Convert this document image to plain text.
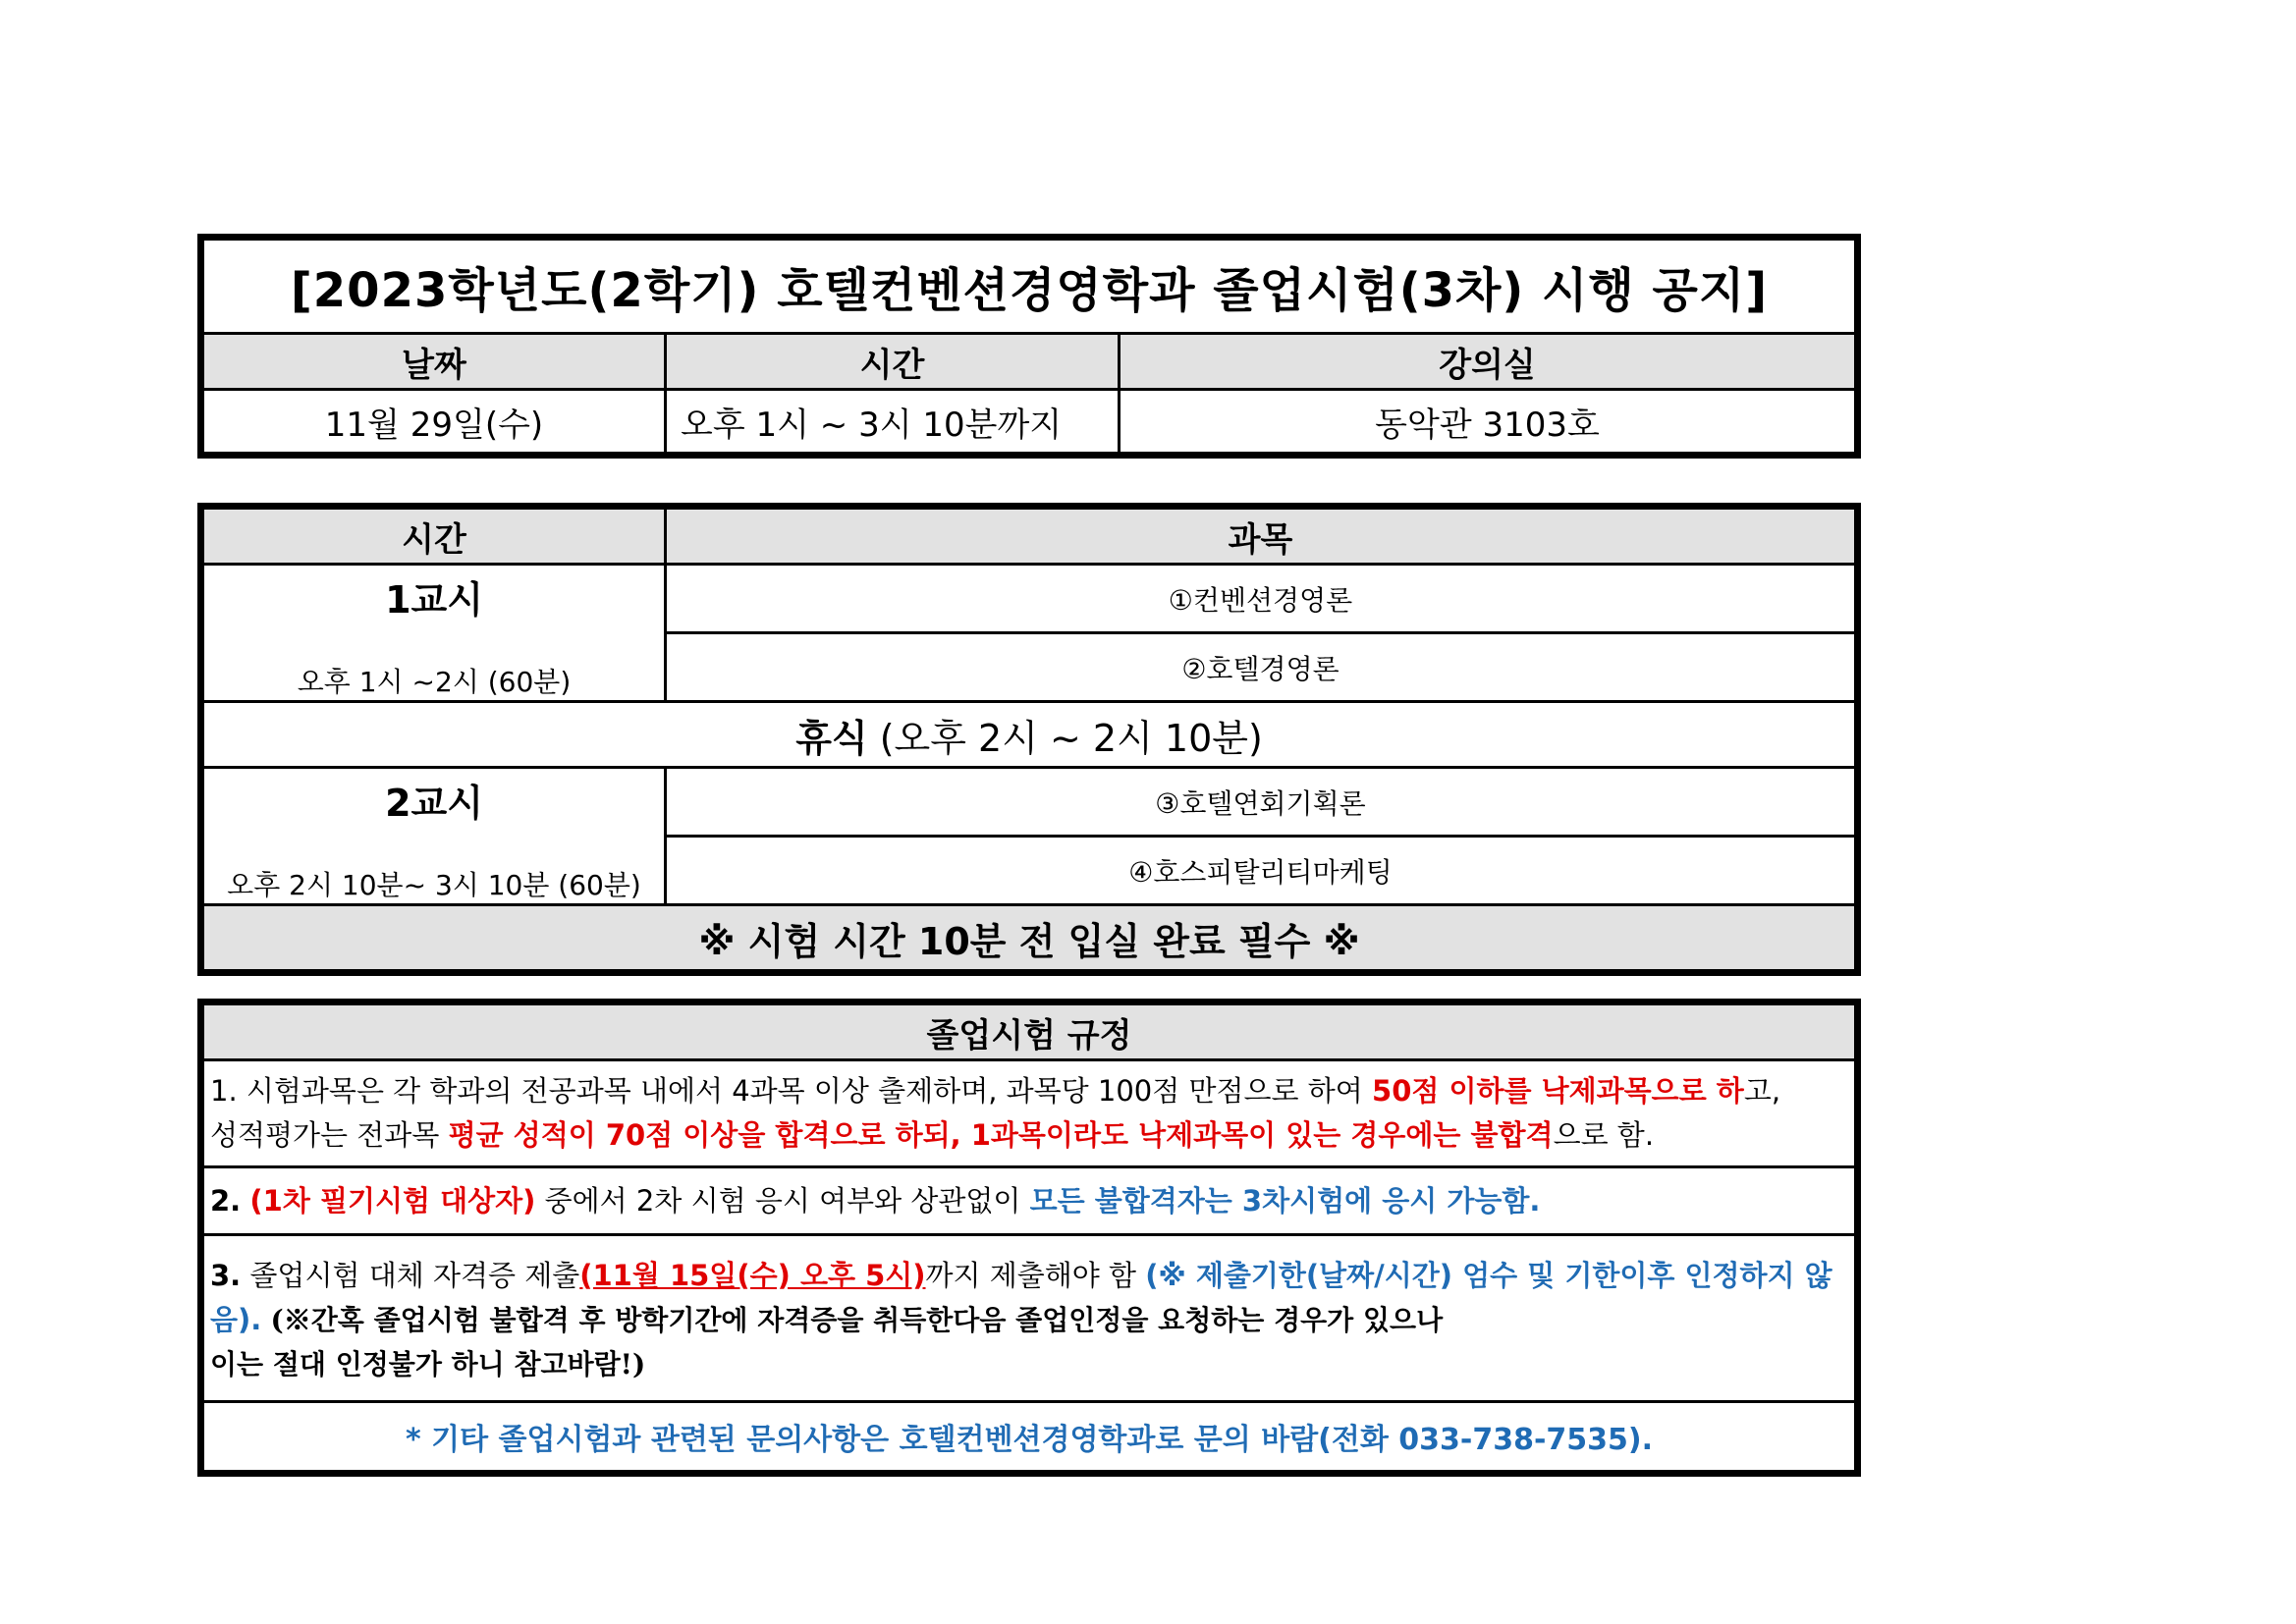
[2023학년도(2학기) 호텔컨벤션경영학과 졸업시험(3차) 시행 공지]		
날짜	시간	강의실
11월 29일(수)	오후 1시 ~ 3시 10분까지	동악관 3103호
시간	과목

1교시
오후 1시 ~2시 (60분)	①컨벤션경영론
	②호텔경영론
휴식 (오후 2시 ~ 2시 10분)	

2교시
오후 2시 10분~ 3시 10분 (60분)	③호텔연회기획론
	④호스피탈리티마케팅
※ 시험 시간 10분 전 입실 완료 필수 ※	
졸업시험 규정
1. 시험과목은 각 학과의 전공과목 내에서 4과목 이상 출제하며, 과목당 100점 만점으로 하여 50점 이하를 낙제과목으로 하고,
성적평가는 전과목 평균 성적이 70점 이상을 합격으로 하되, 1과목이라도 낙제과목이 있는 경우에는 불합격으로 함.
2. (1차 필기시험 대상자) 중에서 2차 시험 응시 여부와 상관없이 모든 불합격자는 3차시험에 응시 가능함.
3. 졸업시험 대체 자격증 제출(11월 15일(수) 오후 5시)까지 제출해야 함 (※ 제출기한(날짜/시간) 엄수 및 기한이후 인정하지 않음). (※간혹 졸업시험 불합격 후 방학기간에 자격증을 취득한다음 졸업인정을 요청하는 경우가 있으나
이는 절대 인정불가 하니 참고바람!)
* 기타 졸업시험과 관련된 문의사항은 호텔컨벤션경영학과로 문의 바람(전화 033-738-7535).
